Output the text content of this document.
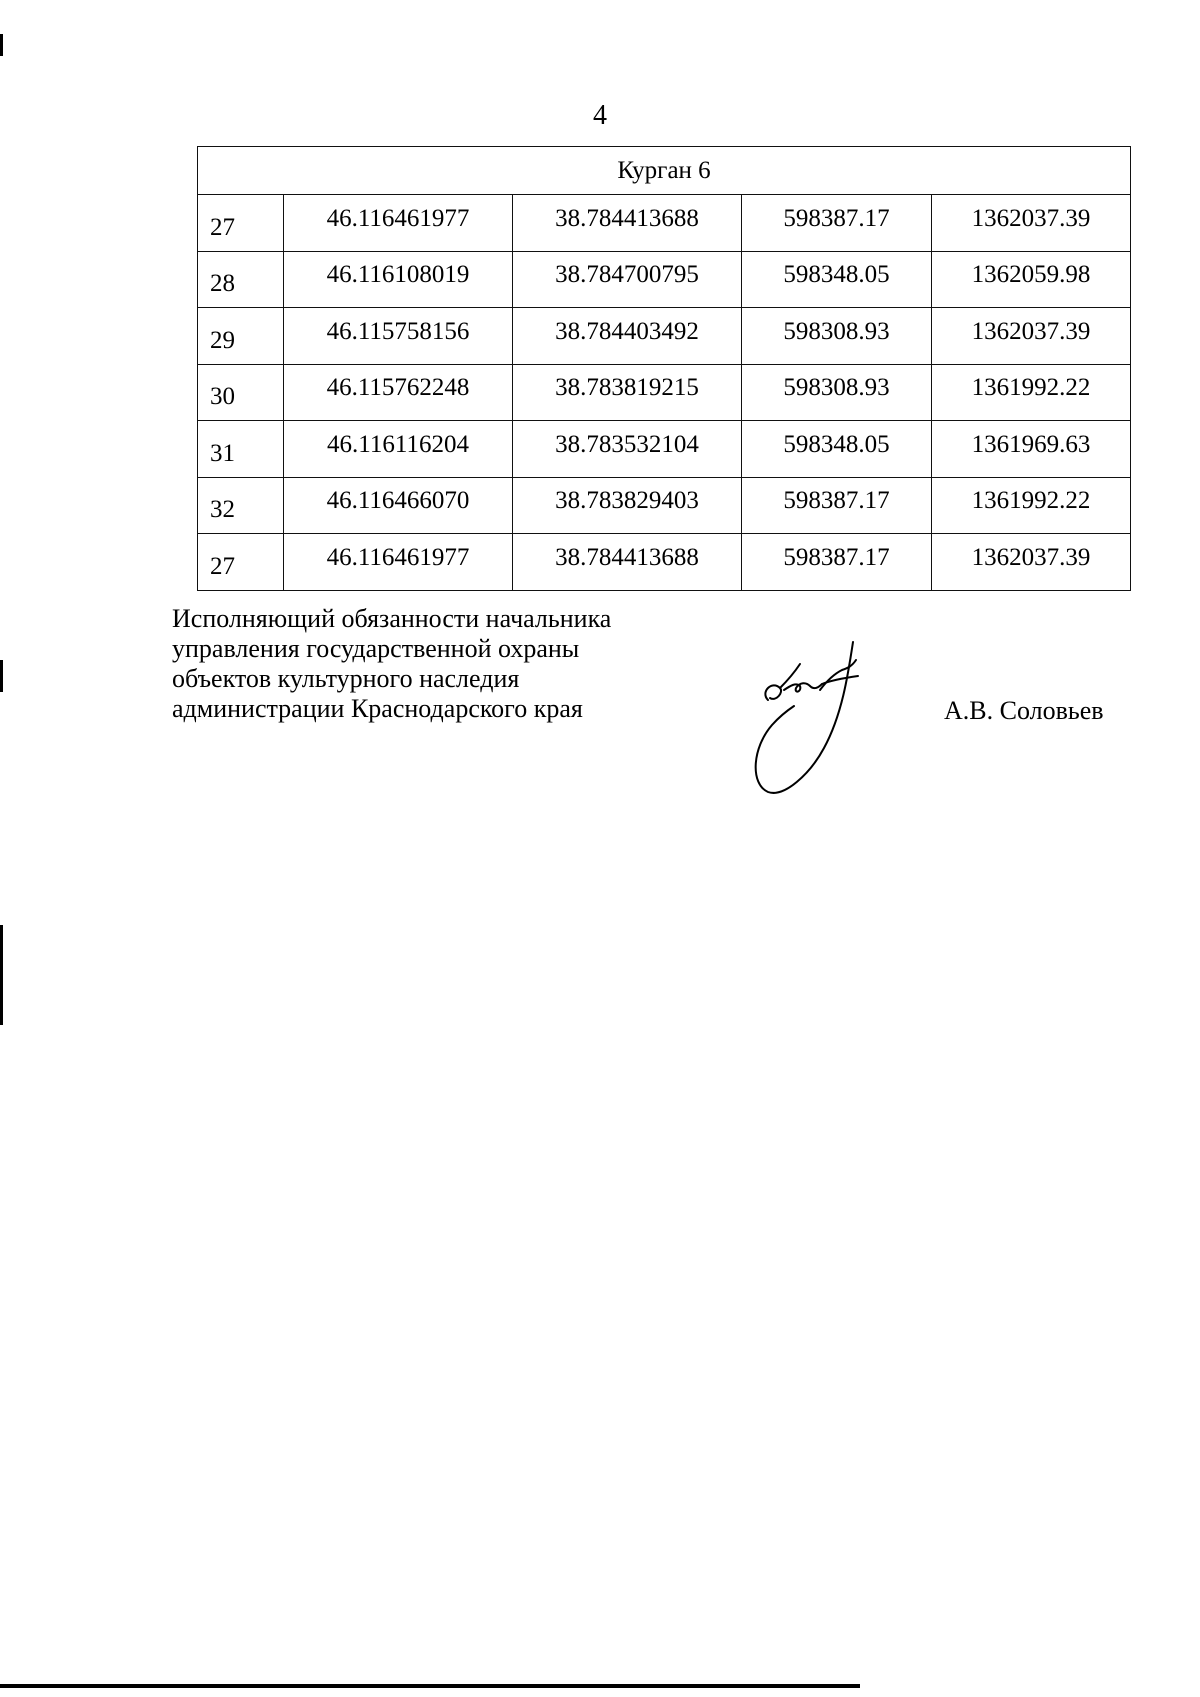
4
Курган 6				
27	46.116461977	38.784413688	598387.17	1362037.39
28	46.116108019	38.784700795	598348.05	1362059.98
29	46.115758156	38.784403492	598308.93	1362037.39
30	46.115762248	38.783819215	598308.93	1361992.22
31	46.116116204	38.783532104	598348.05	1361969.63
32	46.116466070	38.783829403	598387.17	1361992.22
27	46.116461977	38.784413688	598387.17	1362037.39
Исполняющий обязанности начальника
управления государственной охраны
объектов культурного наследия
администрации Краснодарского края	А.В. Соловьев
